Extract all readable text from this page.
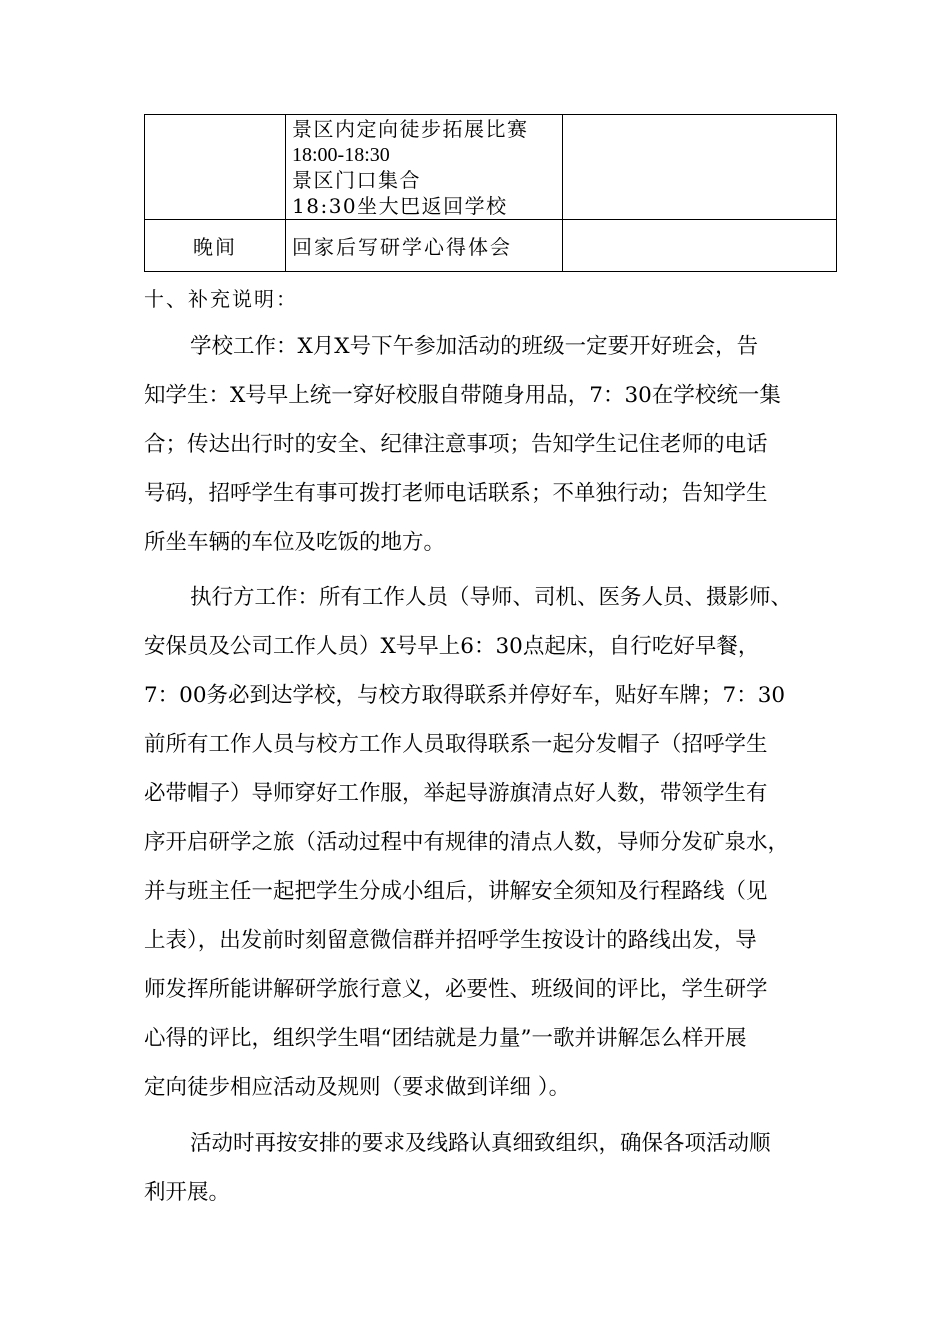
	景区内定向徒步拓展比赛
18:00-18:30
景区门口集合
18:30坐大巴返回学校	

晚间	回家后写研学心得体会	
十、补充说明：
学校工作：X月X号下午参加活动的班级一定要开好班会，告
知学生：X号早上统一穿好校服自带随身用品，7：30在学校统一集
合；传达出行时的安全、纪律注意事项；告知学生记住老师的电话
号码，招呼学生有事可拨打老师电话联系；不单独行动；告知学生
所坐车辆的车位及吃饭的地方。
执行方工作：所有工作人员（导师、司机、医务人员、摄影师、
安保员及公司工作人员）X号早上6：30点起床，自行吃好早餐，
7：00务必到达学校，与校方取得联系并停好车，贴好车牌；7：30
前所有工作人员与校方工作人员取得联系一起分发帽子（招呼学生
必带帽子）导师穿好工作服，举起导游旗清点好人数，带领学生有
序开启研学之旅（活动过程中有规律的清点人数，导师分发矿泉水，
并与班主任一起把学生分成小组后，讲解安全须知及行程路线（见
上表），出发前时刻留意微信群并招呼学生按设计的路线出发，导
师发挥所能讲解研学旅行意义，必要性、班级间的评比，学生研学
心得的评比，组织学生唱“团结就是力量”一歌并讲解怎么样开展
定向徒步相应活动及规则（要求做到详细 ）。
活动时再按安排的要求及线路认真细致组织，确保各项活动顺
利开展。
